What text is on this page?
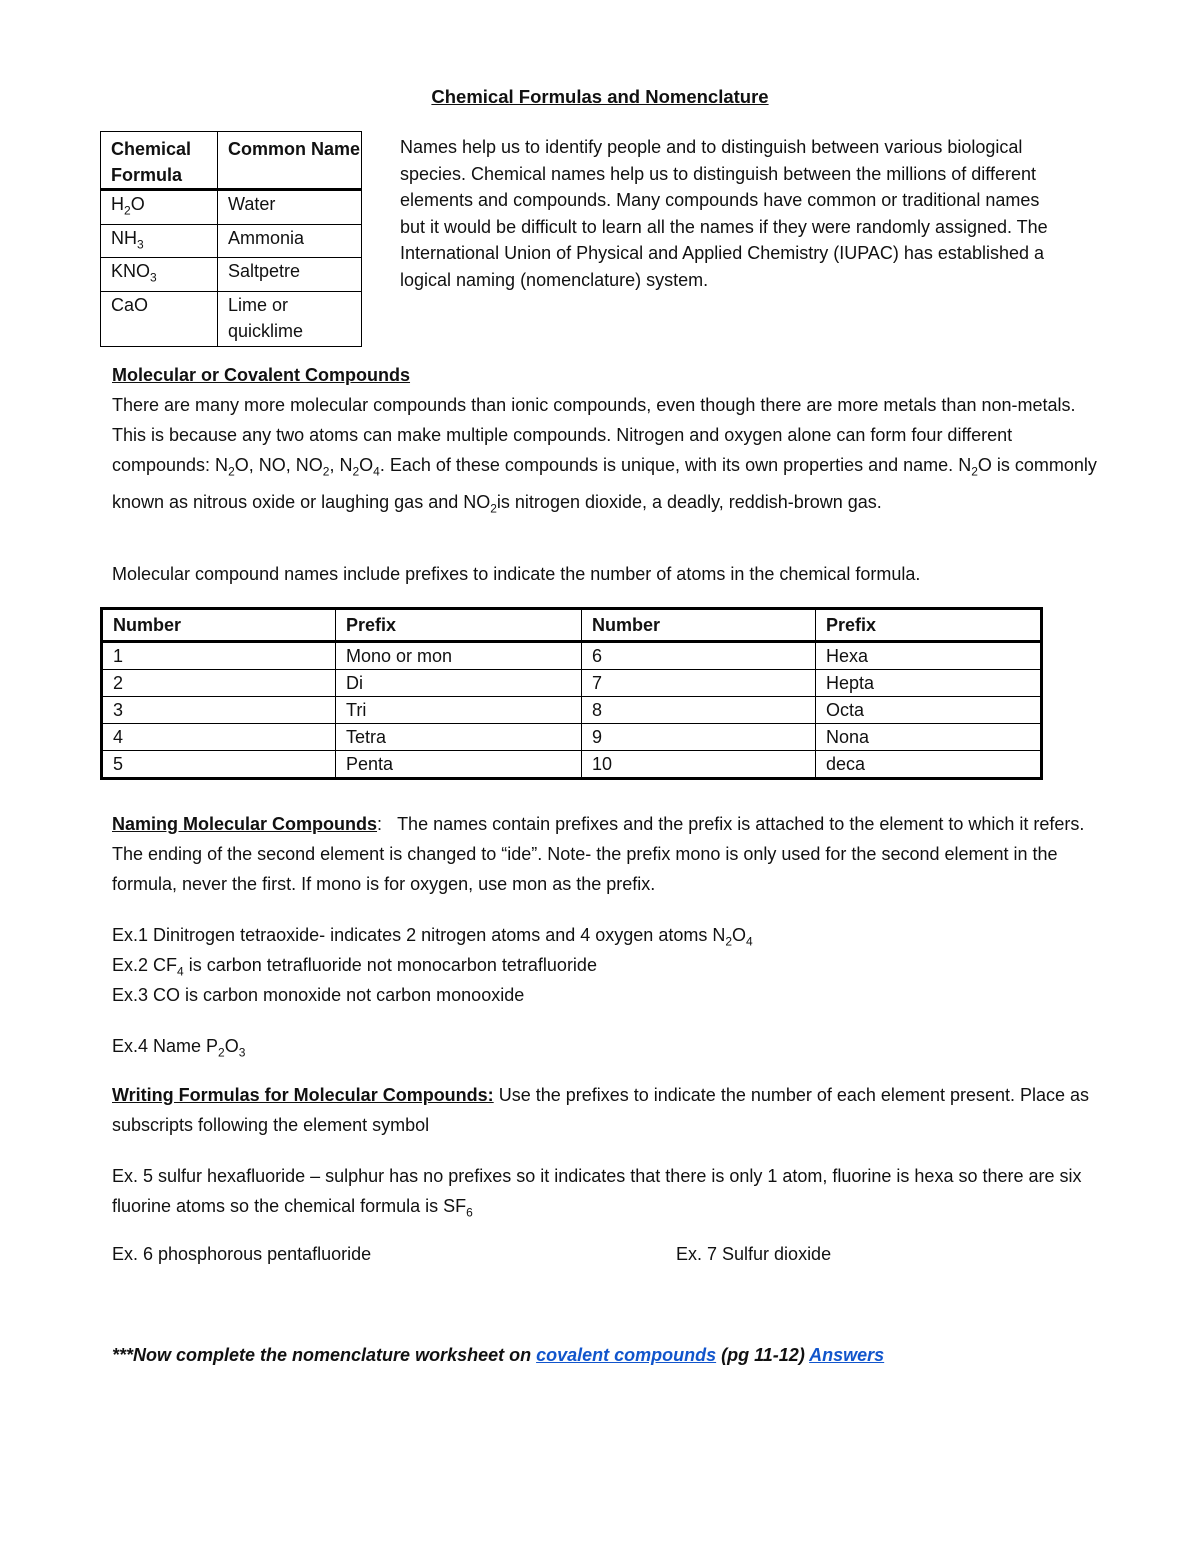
Chemical Formulas and Nomenclature
Chemical Formula	Common Name
$H_2O$	Water
$NH_3$	Ammonia
$KNO_3$	Saltpetre
CaO	Lime or quicklime
Names help us to identify people and to distinguish between various biological species. Chemical names help us to distinguish between the millions of different elements and compounds. Many compounds have common or traditional names but it would be difficult to learn all the names if they were randomly assigned. The International Union of Physical and Applied Chemistry (IUPAC) has established a logical naming (nomenclature) system.
Molecular or Covalent Compounds
There are many more molecular compounds than ionic compounds, even though there are more metals than non-metals. This is because any two atoms can make multiple compounds. Nitrogen and oxygen alone can form four different compounds: $N_2O$, NO, $NO_2$, $N_2O_4$. Each of these compounds is unique, with its own properties and name. $N_2O$ is commonly known as nitrous oxide or laughing gas and $NO_2is$ nitrogen dioxide, a deadly, reddish-brown gas.
Molecular compound names include prefixes to indicate the number of atoms in the chemical formula.
Number	Prefix	Number	Prefix
1	Mono or mon	6	Hexa
2	Di	7	Hepta
3	Tri	8	Octa
4	Tetra	9	Nona
5	Penta	10	deca
Naming Molecular Compounds: The names contain prefixes and the prefix is attached to the element to which it refers. The ending of the second element is changed to “ide”. Note- the prefix mono is only used for the second element in the formula, never the first. If mono is for oxygen, use mon as the prefix.
Ex.1 Dinitrogen tetraoxide- indicates 2 nitrogen atoms and 4 oxygen atoms $N_2O_4$
Ex.2 $CF_4$ is carbon tetrafluoride not monocarbon tetrafluoride
Ex.3 CO is carbon monoxide not carbon monooxide
Ex.4 Name $P_2O_3$
Writing Formulas for Molecular Compounds: Use the prefixes to indicate the number of each element present. Place as subscripts following the element symbol
Ex. 5 sulfur hexafluoride – sulphur has no prefixes so it indicates that there is only 1 atom, fluorine is hexa so there are six fluorine atoms so the chemical formula is $SF_6$
Ex. 6 phosphorous pentafluoride	Ex. 7 Sulfur dioxide
***Now complete the nomenclature worksheet on covalent compounds (pg 11-12) Answers
